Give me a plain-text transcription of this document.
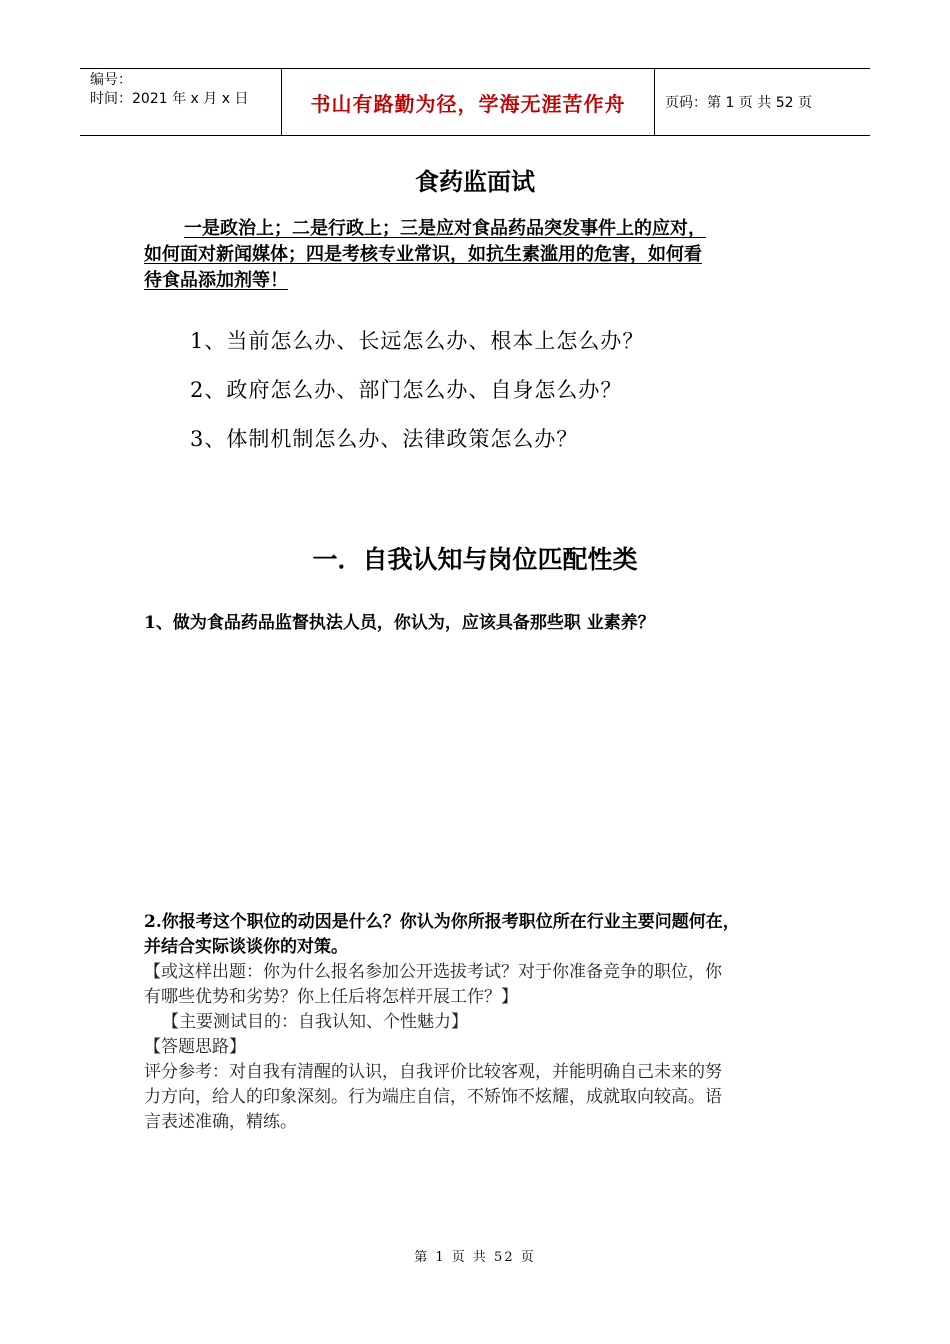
编号：
时间：2021 年 x 月 x 日	书山有路勤为径，学海无涯苦作舟	页码：第 1 页 共 52 页
食药监面试
一是政治上；二是行政上；三是应对食品药品突发事件上的应对，
如何面对新闻媒体；四是考核专业常识，如抗生素滥用的危害，如何看
待食品添加剂等！
1、当前怎么办、长远怎么办、根本上怎么办？
2、政府怎么办、部门怎么办、自身怎么办？
3、体制机制怎么办、法律政策怎么办？
一．自我认知与岗位匹配性类
1、做为食品药品监督执法人员，你认为，应该具备那些职 业素养？
2.你报考这个职位的动因是什么？你认为你所报考职位所在行业主要问题何在，
并结合实际谈谈你的对策。
【或这样出题：你为什么报名参加公开选拔考试？对于你准备竞争的职位，你
有哪些优势和劣势？你上任后将怎样开展工作？】
【主要测试目的：自我认知、个性魅力】
【答题思路】
评分参考：对自我有清醒的认识，自我评价比较客观，并能明确自己未来的努
力方向，给人的印象深刻。行为端庄自信，不矫饰不炫耀，成就取向较高。语
言表述准确，精练。
第 1 页 共 52 页
